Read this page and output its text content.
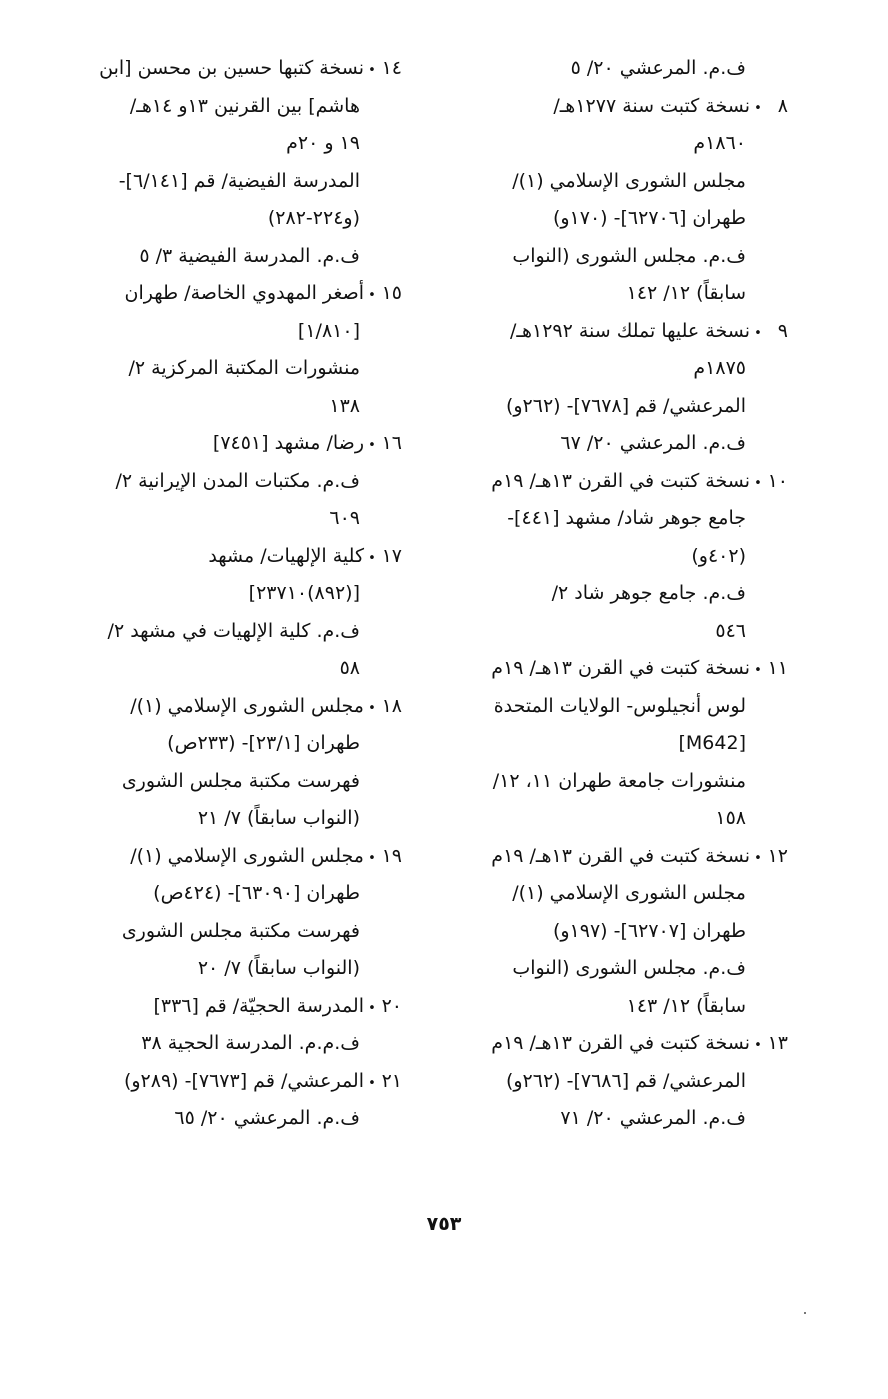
ف.م. المرعشي ٢٠/ ٥
٨•نسخة كتبت سنة ١٢٧٧هـ/
١٨٦٠م
مجلس الشورى الإسلامي (١)/
طهران [٦٢٧٠٦]- (١٧٠و)
ف.م. مجلس الشورى (النواب
سابقاً) ١٢/ ١٤٢
٩•نسخة عليها تملك سنة ١٢٩٢هـ/
١٨٧٥م
المرعشي/ قم [٧٦٧٨]- (٢٦٢و)
ف.م. المرعشي ٢٠/ ٦٧
١٠•نسخة كتبت في القرن ١٣هـ/ ١٩م
جامع جوهر شاد/ مشهد [٤٤١]-
(٤٠٢و)
ف.م. جامع جوهر شاد ٢/
٥٤٦
١١•نسخة كتبت في القرن ١٣هـ/ ١٩م
لوس أنجيلوس- الولايات المتحدة
[M642]
منشورات جامعة طهران ١١، ١٢/
١٥٨
١٢•نسخة كتبت في القرن ١٣هـ/ ١٩م
مجلس الشورى الإسلامي (١)/
طهران [٦٢٧٠٧]- (١٩٧و)
ف.م. مجلس الشورى (النواب
سابقاً) ١٢/ ١٤٣
١٣•نسخة كتبت في القرن ١٣هـ/ ١٩م
المرعشي/ قم [٧٦٨٦]- (٢٦٢و)
ف.م. المرعشي ٢٠/ ٧١
١٤•نسخة كتبها حسين بن محسن [ابن
هاشم] بين القرنين ١٣و ١٤هـ/
١٩ و ٢٠م
المدرسة الفيضية/ قم [٦/١٤١]-
(و٢٢٤-٢٨٢)
ف.م. المدرسة الفيضية ٣/ ٥
١٥•أصغر المهدوي الخاصة/ طهران
[١/٨١٠]
منشورات المكتبة المركزية ٢/
١٣٨
١٦•رضا/ مشهد [٧٤٥١]
ف.م. مكتبات المدن الإيرانية ٢/
٦٠٩
١٧•كلية الإلهيات/ مشهد
[(٨٩٢)٢٣٧١٠]
ف.م. كلية الإلهيات في مشهد ٢/
٥٨
١٨•مجلس الشورى الإسلامي (١)/
طهران [٢٣/١]- (٢٣٣ص)
فهرست مكتبة مجلس الشورى
(النواب سابقاً) ٧/ ٢١
١٩•مجلس الشورى الإسلامي (١)/
طهران [٦٣٠٩٠]- (٤٢٤ص)
فهرست مكتبة مجلس الشورى
(النواب سابقاً) ٧/ ٢٠
٢٠•المدرسة الحجيّة/ قم [٣٣٦]
ف.م.م. المدرسة الحجية ٣٨
٢١•المرعشي/ قم [٧٦٧٣]- (٢٨٩و)
ف.م. المرعشي ٢٠/ ٦٥
٧٥٣
